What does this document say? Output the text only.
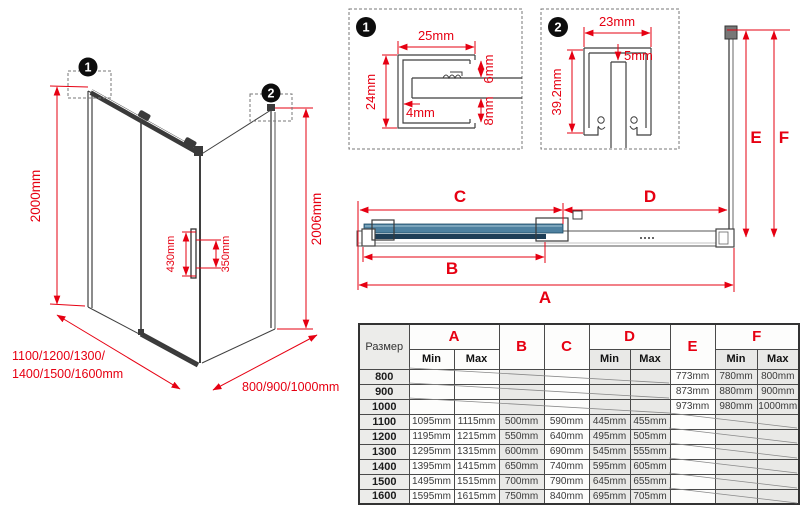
2000mm	2006mm
430mm	350mm
1100/1200/1300/
1400/1500/1600mm
800/900/1000mm
1
2
1
25mm
24mm
4mm
6mm
8mm
2	23mm
5mm
39.2mm
C	D
B
A
E F
Размер	A		B	C	D		E	F	
	Min	Max			Min	Max		Min	Max
800							773mm	780mm	800mm
900							873mm	880mm	900mm
1000							973mm	980mm	1000mm
1100	1095mm	1115mm	500mm	590mm	445mm	455mm			
1200	1195mm	1215mm	550mm	640mm	495mm	505mm			
1300	1295mm	1315mm	600mm	690mm	545mm	555mm			
1400	1395mm	1415mm	650mm	740mm	595mm	605mm			
1500	1495mm	1515mm	700mm	790mm	645mm	655mm			
1600	1595mm	1615mm	750mm	840mm	695mm	705mm			
